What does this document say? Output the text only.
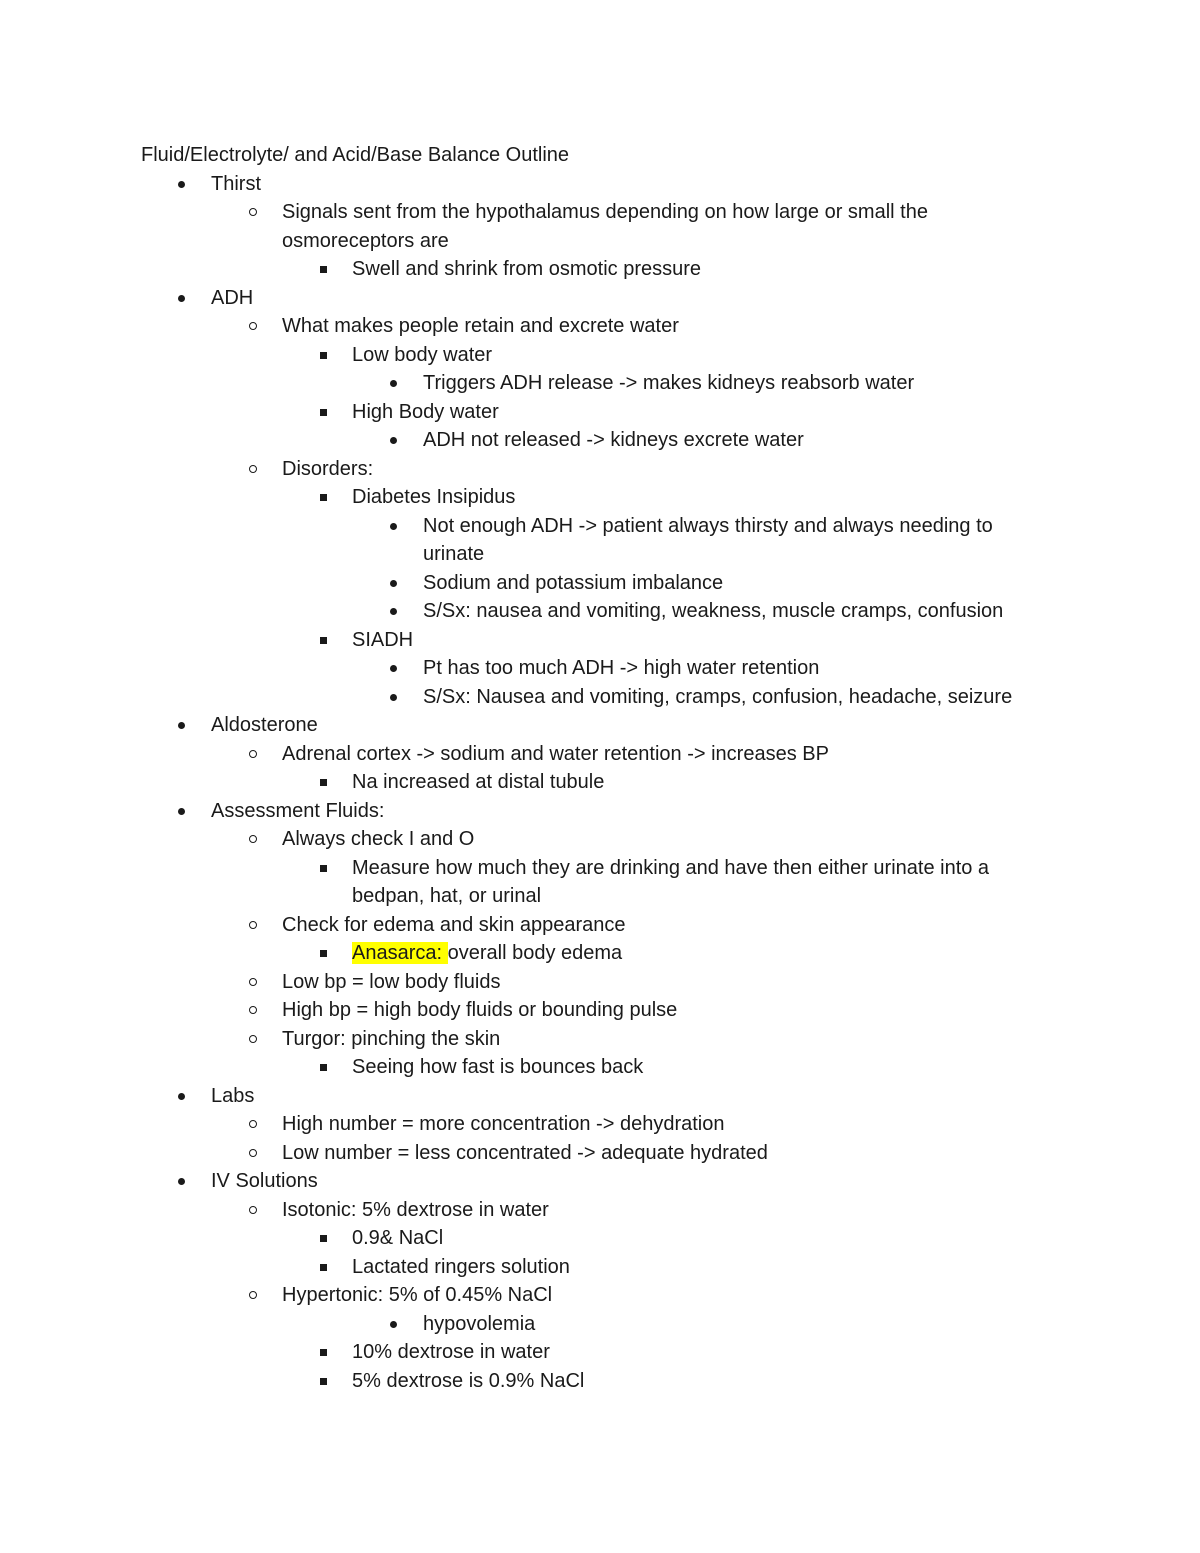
Fluid/Electrolyte/ and Acid/Base Balance Outline
Thirst
Signals sent from the hypothalamus depending on how large or small the
osmoreceptors are
Swell and shrink from osmotic pressure
ADH
What makes people retain and excrete water
Low body water
Triggers ADH release -> makes kidneys reabsorb water
High Body water
ADH not released -> kidneys excrete water
Disorders:
Diabetes Insipidus
Not enough ADH -> patient always thirsty and always needing to
urinate
Sodium and potassium imbalance
S/Sx: nausea and vomiting, weakness, muscle cramps, confusion
SIADH
Pt has too much ADH -> high water retention
S/Sx: Nausea and vomiting, cramps, confusion, headache, seizure
Aldosterone
Adrenal cortex -> sodium and water retention -> increases BP
Na increased at distal tubule
Assessment Fluids:
Always check I and O
Measure how much they are drinking and have then either urinate into a
bedpan, hat, or urinal
Check for edema and skin appearance
Anasarca: overall body edema
Low bp = low body fluids
High bp = high body fluids or bounding pulse
Turgor: pinching the skin
Seeing how fast is bounces back
Labs
High number = more concentration -> dehydration
Low number = less concentrated -> adequate hydrated
IV Solutions
Isotonic: 5% dextrose in water
0.9& NaCl
Lactated ringers solution
Hypertonic: 5% of 0.45% NaCl
hypovolemia
10% dextrose in water
5% dextrose is 0.9% NaCl
